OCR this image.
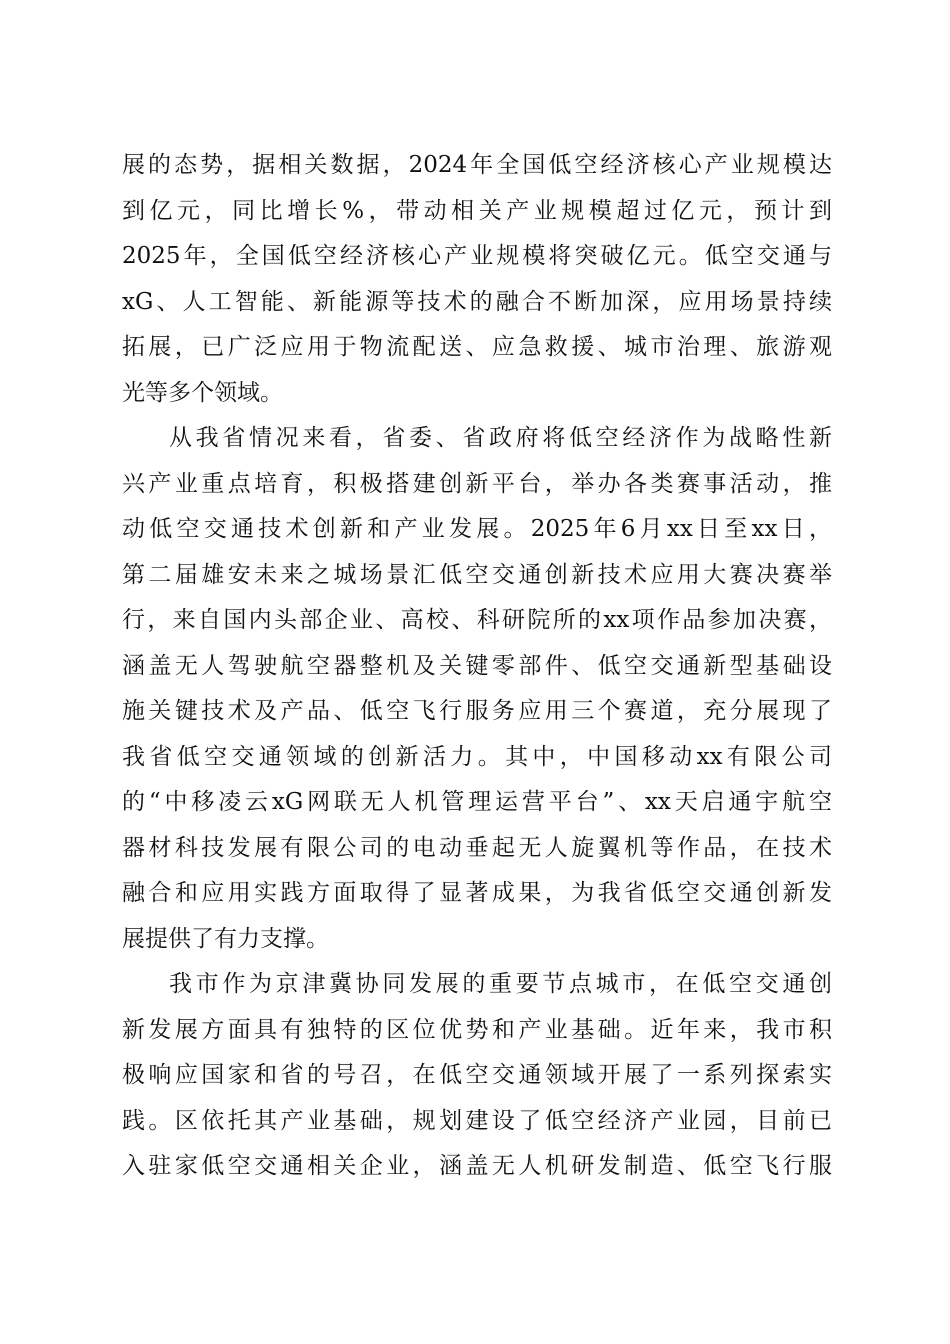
展的态势，据相关数据，2024年全国低空经济核心产业规模达
到亿元，同比增长%，带动相关产业规模超过亿元，预计到
2025年，全国低空经济核心产业规模将突破亿元。低空交通与
xG、人工智能、新能源等技术的融合不断加深，应用场景持续
拓展，已广泛应用于物流配送、应急救援、城市治理、旅游观
光等多个领域。
从我省情况来看，省委、省政府将低空经济作为战略性新
兴产业重点培育，积极搭建创新平台，举办各类赛事活动，推
动低空交通技术创新和产业发展。2025年6月xx日至xx日，
第二届雄安未来之城场景汇低空交通创新技术应用大赛决赛举
行，来自国内头部企业、高校、科研院所的xx项作品参加决赛，
涵盖无人驾驶航空器整机及关键零部件、低空交通新型基础设
施关键技术及产品、低空飞行服务应用三个赛道，充分展现了
我省低空交通领域的创新活力。其中，中国移动xx有限公司
的“中移凌云xG网联无人机管理运营平台”、xx天启通宇航空
器材科技发展有限公司的电动垂起无人旋翼机等作品，在技术
融合和应用实践方面取得了显著成果，为我省低空交通创新发
展提供了有力支撑。
我市作为京津冀协同发展的重要节点城市，在低空交通创
新发展方面具有独特的区位优势和产业基础。近年来，我市积
极响应国家和省的号召，在低空交通领域开展了一系列探索实
践。区依托其产业基础，规划建设了低空经济产业园，目前已
入驻家低空交通相关企业，涵盖无人机研发制造、低空飞行服
